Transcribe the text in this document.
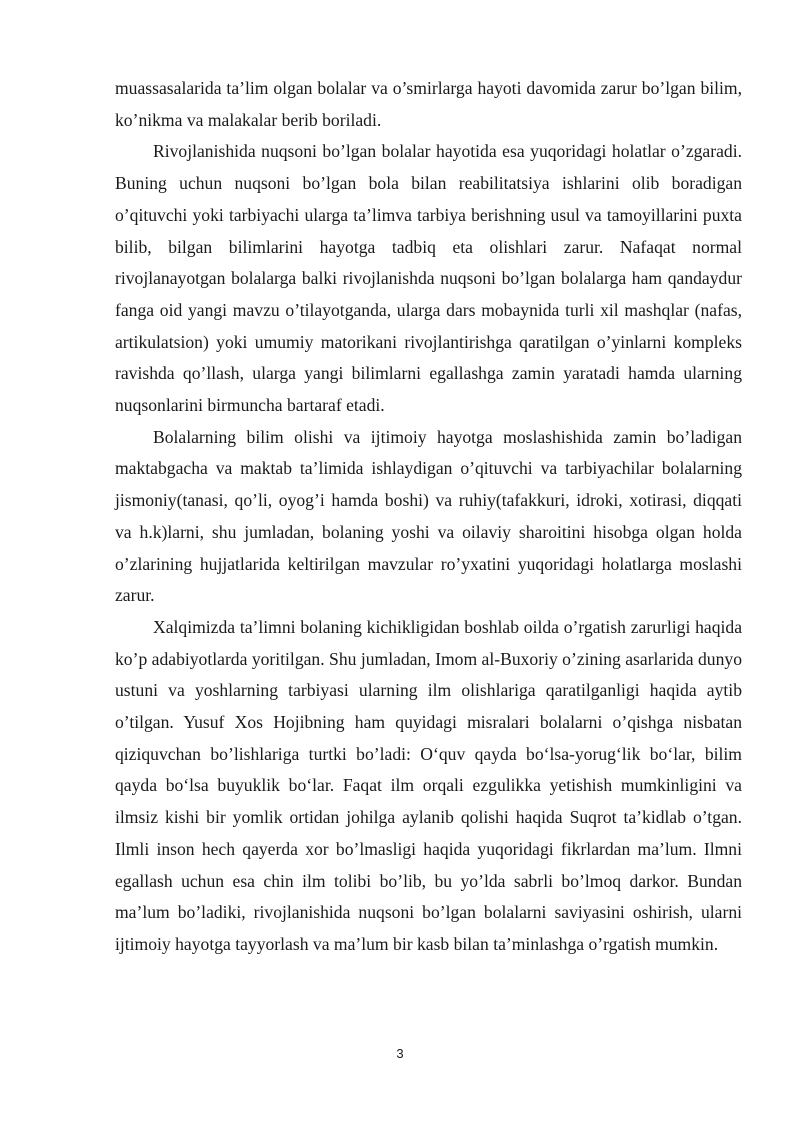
muassasalarida ta’lim olgan bolalar va o’smirlarga hayoti davomida zarur bo’lgan bilim, ko’nikma va malakalar berib boriladi.

Rivojlanishida nuqsoni bo’lgan bolalar hayotida esa yuqoridagi holatlar o’zgaradi. Buning uchun nuqsoni bo’lgan bola bilan reabilitatsiya ishlarini olib boradigan o’qituvchi yoki tarbiyachi ularga ta’limva tarbiya berishning usul va tamoyillarini puxta bilib, bilgan bilimlarini hayotga tadbiq eta olishlari zarur. Nafaqat normal rivojlanayotgan bolalarga balki rivojlanishda nuqsoni bo’lgan bolalarga ham qandaydur fanga oid yangi mavzu o’tilayotganda, ularga dars mobaynida turli xil mashqlar (nafas, artikulatsion) yoki umumiy matorikani rivojlantirishga qaratilgan o’yinlarni kompleks ravishda qo’llash, ularga yangi bilimlarni egallashga zamin yaratadi hamda ularning nuqsonlarini birmuncha bartaraf etadi.

Bolalarning bilim olishi va ijtimoiy hayotga moslashishida zamin bo’ladigan maktabgacha va maktab ta’limida ishlaydigan o’qituvchi va tarbiyachilar bolalarning jismoniy(tanasi, qo’li, oyog’i hamda boshi) va ruhiy(tafakkuri, idroki, xotirasi, diqqati va h.k)larni, shu jumladan, bolaning yoshi va oilaviy sharoitini hisobga olgan holda o’zlarining hujjatlarida keltirilgan mavzular ro’yxatini yuqoridagi holatlarga moslashi zarur.

Xalqimizda ta’limni bolaning kichikligidan boshlab oilda o’rgatish zarurligi haqida ko’p adabiyotlarda yoritilgan. Shu jumladan, Imom al-Buxoriy o’zining asarlarida dunyo ustuni va yoshlarning tarbiyasi ularning ilm olishlariga qaratilganligi haqida aytib o’tilgan. Yusuf Xos Hojibning ham quyidagi misralari bolalarni o’qishga nisbatan qiziquvchan bo’lishlariga turtki bo’ladi: O‘quv qayda bo‘lsa-yorug‘lik bo‘lar, bilim qayda bo‘lsa buyuklik bo‘lar. Faqat ilm orqali ezgulikka yetishish mumkinligini va ilmsiz kishi bir yomlik ortidan johilga aylanib qolishi haqida Suqrot ta’kidlab o’tgan. Ilmli inson hech qayerda xor bo’lmasligi haqida yuqoridagi fikrlardan ma’lum. Ilmni egallash uchun esa chin ilm tolibi bo’lib, bu yo’lda sabrli bo’lmoq darkor. Bundan ma’lum bo’ladiki, rivojlanishida nuqsoni bo’lgan bolalarni saviyasini oshirish, ularni ijtimoiy hayotga tayyorlash va ma’lum bir kasb bilan ta’minlashga o’rgatish mumkin.

3
